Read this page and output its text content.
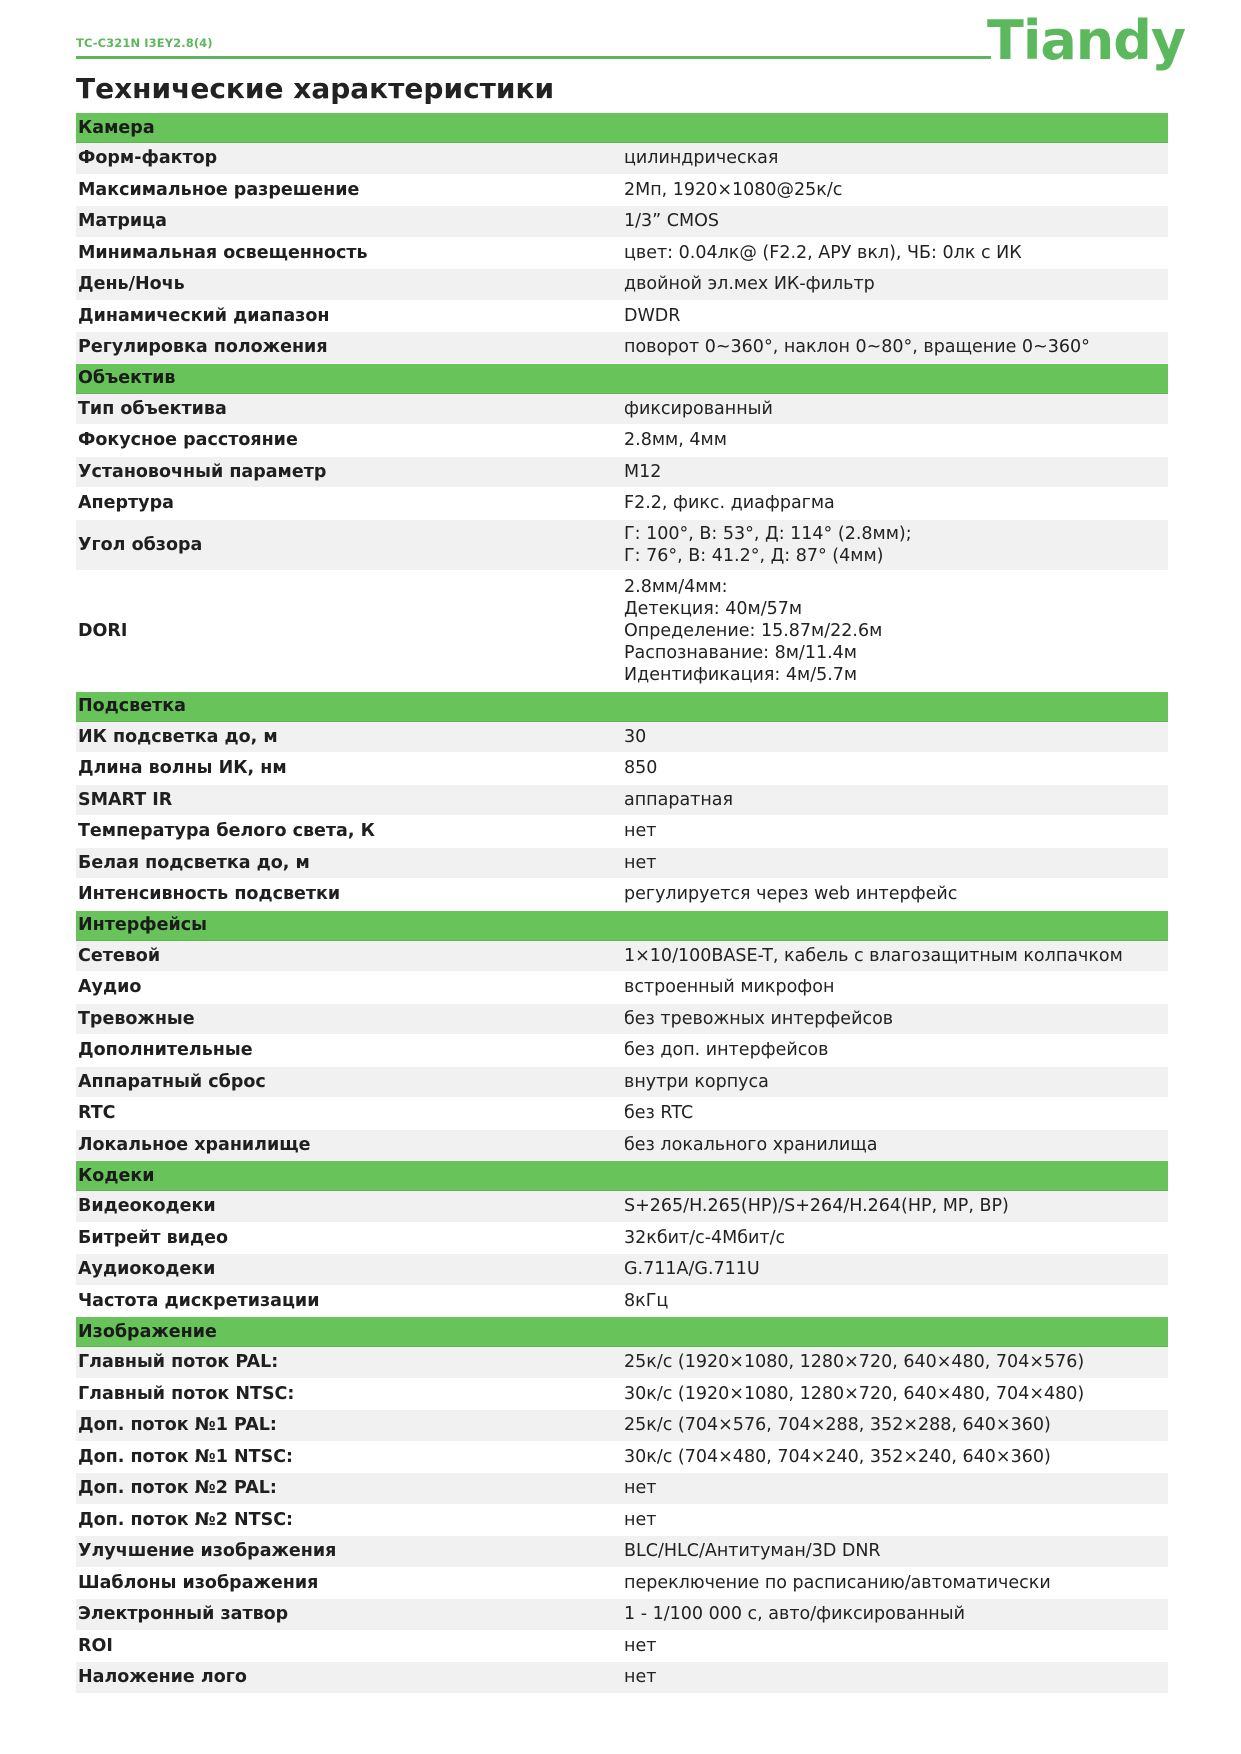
TC-C321N I3EY2.8(4)	Tiandy
Технические характеристики
Камера	
Форм-фактор	цилиндрическая
Максимальное разрешение	2Мп, 1920×1080@25к/с
Матрица	1/3” CMOS
Минимальная освещенность	цвет: 0.04лк@ (F2.2, АРУ вкл), ЧБ: 0лк с ИК
День/Ночь	двойной эл.мех ИК-фильтр
Динамический диапазон	DWDR
Регулировка положения	поворот 0~360°, наклон 0~80°, вращение 0~360°
Объектив	
Тип объектива	фиксированный
Фокусное расстояние	2.8мм, 4мм
Установочный параметр	M12
Апертура	F2.2, фикс. диафрагма
Угол обзора	Г: 100°, В: 53°, Д: 114° (2.8мм);
Г: 76°, В: 41.2°, Д: 87° (4мм)
DORI	2.8мм/4мм:
Детекция: 40м/57м
Определение: 15.87м/22.6м
Распознавание: 8м/11.4м
Идентификация: 4м/5.7м
Подсветка	
ИК подсветка до, м	30
Длина волны ИК, нм	850
SMART IR	аппаратная
Температура белого света, К	нет
Белая подсветка до, м	нет
Интенсивность подсветки	регулируется через web интерфейс
Интерфейсы	
Сетевой	1×10/100BASE-T, кабель с влагозащитным колпачком
Аудио	встроенный микрофон
Тревожные	без тревожных интерфейсов
Дополнительные	без доп. интерфейсов
Аппаратный сброс	внутри корпуса
RTC	без RTC
Локальное хранилище	без локального хранилища
Кодеки	
Видеокодеки	S+265/H.265(HP)/S+264/H.264(HP, MP, BP)
Битрейт видео	32кбит/с-4Мбит/с
Аудиокодеки	G.711A/G.711U
Частота дискретизации	8кГц
Изображение	
Главный поток PAL:	25к/с (1920×1080, 1280×720, 640×480, 704×576)
Главный поток NTSC:	30к/с (1920×1080, 1280×720, 640×480, 704×480)
Доп. поток №1 PAL:	25к/с (704×576, 704×288, 352×288, 640×360)
Доп. поток №1 NTSC:	30к/с (704×480, 704×240, 352×240, 640×360)
Доп. поток №2 PAL:	нет
Доп. поток №2 NTSC:	нет
Улучшение изображения	BLC/HLC/Антитуман/3D DNR
Шаблоны изображения	переключение по расписанию/автоматически
Электронный затвор	1 - 1/100 000 с, авто/фиксированный
ROI	нет
Наложение лого	нет
